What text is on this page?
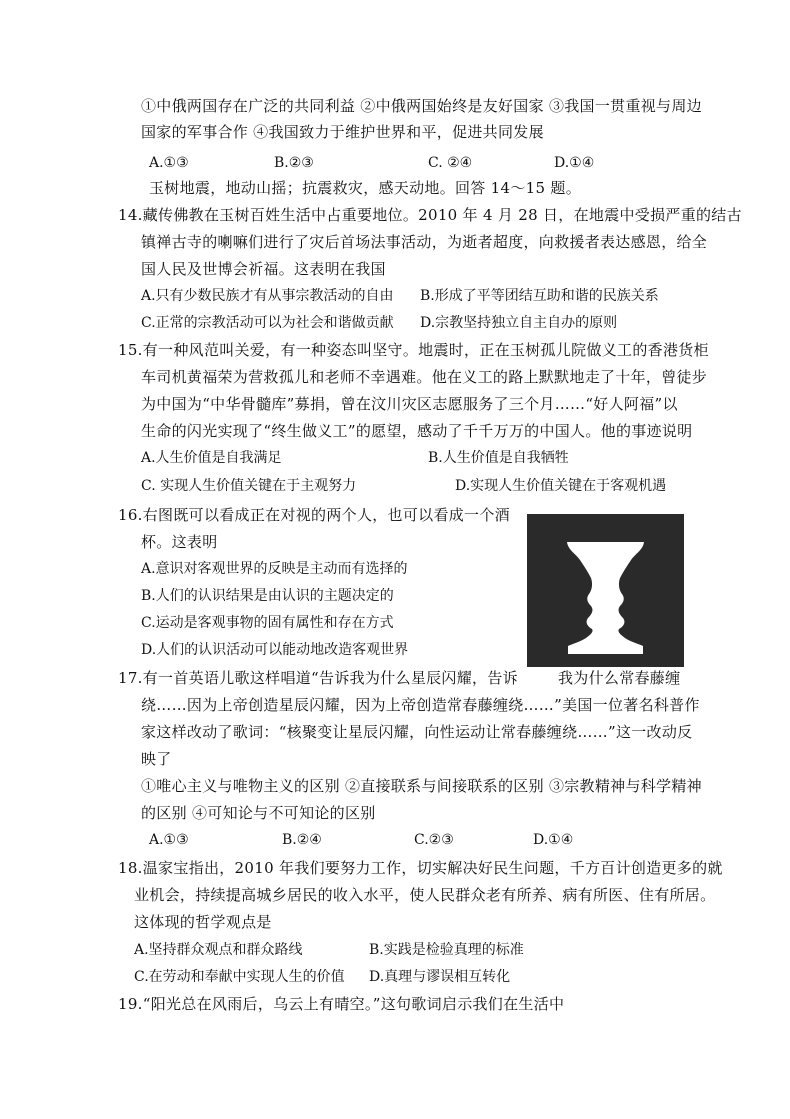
①中俄两国存在广泛的共同利益 ②中俄两国始终是友好国家 ③我国一贯重视与周边
国家的军事合作 ④我国致力于维护世界和平，促进共同发展
A.①③	B.②③	C. ②④	D.①④
玉树地震，地动山摇；抗震救灾，感天动地。回答 14～15 题。
14.藏传佛教在玉树百姓生活中占重要地位。2010 年 4 月 28 日，在地震中受损严重的结古
镇禅古寺的喇嘛们进行了灾后首场法事活动，为逝者超度，向救援者表达感恩，给全
国人民及世博会祈福。这表明在我国
A.只有少数民族才有从事宗教活动的自由 B.形成了平等团结互助和谐的民族关系
C.正常的宗教活动可以为社会和谐做贡献 D.宗教坚持独立自主自办的原则
15.有一种风范叫关爱，有一种姿态叫坚守。地震时，正在玉树孤儿院做义工的香港货柜
车司机黄福荣为营救孤儿和老师不幸遇难。他在义工的路上默默地走了十年，曾徒步
为中国为“中华骨髓库”募捐，曾在汶川灾区志愿服务了三个月……“好人阿福”以
生命的闪光实现了“终生做义工”的愿望，感动了千千万万的中国人。他的事迹说明
A.人生价值是自我满足	B.人生价值是自我牺牲
C. 实现人生价值关键在于主观努力	D.实现人生价值关键在于客观机遇
16.右图既可以看成正在对视的两个人，也可以看成一个酒
杯。这表明
A.意识对客观世界的反映是主动而有选择的
B.人们的认识结果是由认识的主题决定的
C.运动是客观事物的固有属性和存在方式
D.人们的认识活动可以能动地改造客观世界
17.有一首英语儿歌这样唱道“告诉我为什么星辰闪耀，告诉	我为什么常春藤缠
绕……因为上帝创造星辰闪耀，因为上帝创造常春藤缠绕……”美国一位著名科普作
家这样改动了歌词：“核聚变让星辰闪耀，向性运动让常春藤缠绕……”这一改动反
映了
①唯心主义与唯物主义的区别 ②直接联系与间接联系的区别 ③宗教精神与科学精神
的区别 ④可知论与不可知论的区别
A.①③	B.②④	C.②③	D.①④
18.温家宝指出，2010 年我们要努力工作，切实解决好民生问题，千方百计创造更多的就
业机会，持续提高城乡居民的收入水平，使人民群众老有所养、病有所医、住有所居。
这体现的哲学观点是
A.坚持群众观点和群众路线	B.实践是检验真理的标准
C.在劳动和奉献中实现人生的价值 D.真理与谬误相互转化
19.“阳光总在风雨后，乌云上有晴空。”这句歌词启示我们在生活中
